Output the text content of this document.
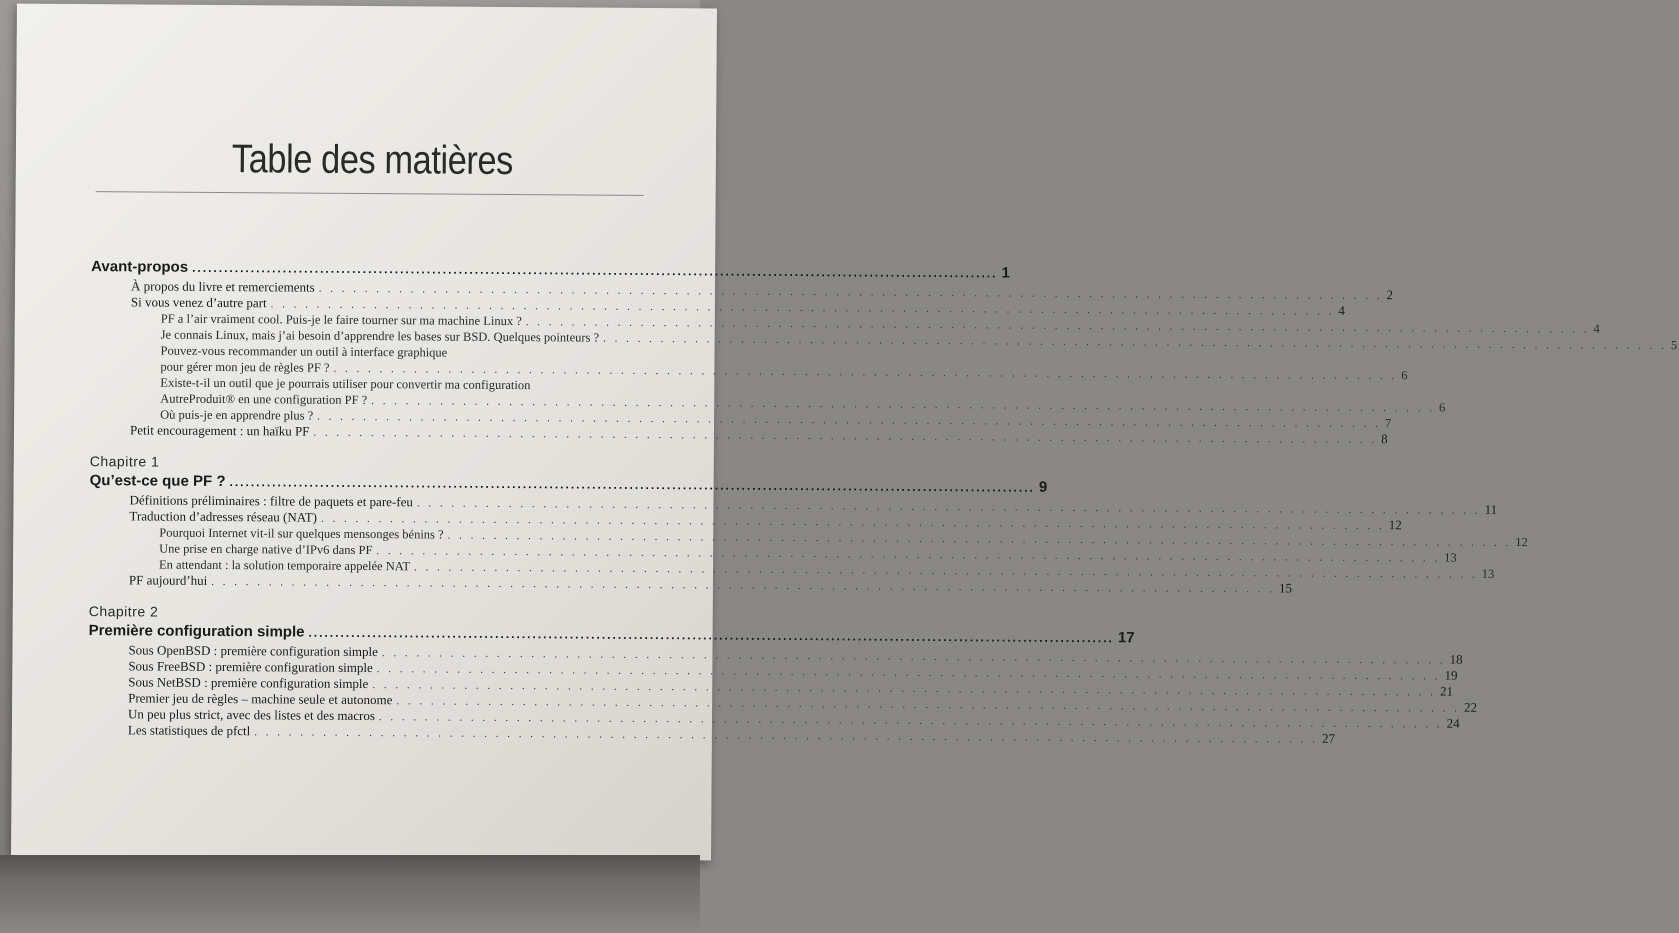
Table des matières
Avant-propos ....................................................................................................................................................... 1
À propos du livre et remerciements . . . . . . . . . . . . . . . . . . . . . . . . . . . . . . . . . . . . . . . . . . . . . . . . . . . . . . . . . . . . . . . . . . . . . . . . . . . . . . . . . . . . . . . . . . . . . 2
Si vous venez d’autre part . . . . . . . . . . . . . . . . . . . . . . . . . . . . . . . . . . . . . . . . . . . . . . . . . . . . . . . . . . . . . . . . . . . . . . . . . . . . . . . . . . . . . . . . . . . . . 4
PF a l’air vraiment cool. Puis-je le faire tourner sur ma machine Linux ? . . . . . . . . . . . . . . . . . . . . . . . . . . . . . . . . . . . . . . . . . . . . . . . . . . . . . . . . . . . . . . . . . . . . . . . . . . . . . . . . . . . . . . . . . . . . . 4
Je connais Linux, mais j’ai besoin d’apprendre les bases sur BSD. Quelques pointeurs ? . . . . . . . . . . . . . . . . . . . . . . . . . . . . . . . . . . . . . . . . . . . . . . . . . . . . . . . . . . . . . . . . . . . . . . . . . . . . . . . . . . . . . . . . . . . . . 5
Pouvez-vous recommander un outil à interface graphique
pour gérer mon jeu de règles PF ? . . . . . . . . . . . . . . . . . . . . . . . . . . . . . . . . . . . . . . . . . . . . . . . . . . . . . . . . . . . . . . . . . . . . . . . . . . . . . . . . . . . . . . . . . . . . . 6
Existe-t-il un outil que je pourrais utiliser pour convertir ma configuration
AutreProduit® en une configuration PF ? . . . . . . . . . . . . . . . . . . . . . . . . . . . . . . . . . . . . . . . . . . . . . . . . . . . . . . . . . . . . . . . . . . . . . . . . . . . . . . . . . . . . . . . . . . . . . 6
Où puis-je en apprendre plus ? . . . . . . . . . . . . . . . . . . . . . . . . . . . . . . . . . . . . . . . . . . . . . . . . . . . . . . . . . . . . . . . . . . . . . . . . . . . . . . . . . . . . . . . . . . . . . 7
Petit encouragement : un haïku PF . . . . . . . . . . . . . . . . . . . . . . . . . . . . . . . . . . . . . . . . . . . . . . . . . . . . . . . . . . . . . . . . . . . . . . . . . . . . . . . . . . . . . . . . . . . . . 8
Chapitre 1
Qu’est-ce que PF ? ....................................................................................................................................................... 9
Définitions préliminaires : filtre de paquets et pare-feu . . . . . . . . . . . . . . . . . . . . . . . . . . . . . . . . . . . . . . . . . . . . . . . . . . . . . . . . . . . . . . . . . . . . . . . . . . . . . . . . . . . . . . . . . . . . . 11
Traduction d’adresses réseau (NAT) . . . . . . . . . . . . . . . . . . . . . . . . . . . . . . . . . . . . . . . . . . . . . . . . . . . . . . . . . . . . . . . . . . . . . . . . . . . . . . . . . . . . . . . . . . . . . 12
Pourquoi Internet vit-il sur quelques mensonges bénins ? . . . . . . . . . . . . . . . . . . . . . . . . . . . . . . . . . . . . . . . . . . . . . . . . . . . . . . . . . . . . . . . . . . . . . . . . . . . . . . . . . . . . . . . . . . . . . 12
Une prise en charge native d’IPv6 dans PF . . . . . . . . . . . . . . . . . . . . . . . . . . . . . . . . . . . . . . . . . . . . . . . . . . . . . . . . . . . . . . . . . . . . . . . . . . . . . . . . . . . . . . . . . . . . . 13
En attendant : la solution temporaire appelée NAT . . . . . . . . . . . . . . . . . . . . . . . . . . . . . . . . . . . . . . . . . . . . . . . . . . . . . . . . . . . . . . . . . . . . . . . . . . . . . . . . . . . . . . . . . . . . . 13
PF aujourd’hui . . . . . . . . . . . . . . . . . . . . . . . . . . . . . . . . . . . . . . . . . . . . . . . . . . . . . . . . . . . . . . . . . . . . . . . . . . . . . . . . . . . . . . . . . . . . . 15
Chapitre 2
Première configuration simple ....................................................................................................................................................... 17
Sous OpenBSD : première configuration simple . . . . . . . . . . . . . . . . . . . . . . . . . . . . . . . . . . . . . . . . . . . . . . . . . . . . . . . . . . . . . . . . . . . . . . . . . . . . . . . . . . . . . . . . . . . . . 18
Sous FreeBSD : première configuration simple . . . . . . . . . . . . . . . . . . . . . . . . . . . . . . . . . . . . . . . . . . . . . . . . . . . . . . . . . . . . . . . . . . . . . . . . . . . . . . . . . . . . . . . . . . . . . 19
Sous NetBSD : première configuration simple . . . . . . . . . . . . . . . . . . . . . . . . . . . . . . . . . . . . . . . . . . . . . . . . . . . . . . . . . . . . . . . . . . . . . . . . . . . . . . . . . . . . . . . . . . . . . 21
Premier jeu de règles – machine seule et autonome . . . . . . . . . . . . . . . . . . . . . . . . . . . . . . . . . . . . . . . . . . . . . . . . . . . . . . . . . . . . . . . . . . . . . . . . . . . . . . . . . . . . . . . . . . . . . 22
Un peu plus strict, avec des listes et des macros . . . . . . . . . . . . . . . . . . . . . . . . . . . . . . . . . . . . . . . . . . . . . . . . . . . . . . . . . . . . . . . . . . . . . . . . . . . . . . . . . . . . . . . . . . . . . 24
Les statistiques de pfctl . . . . . . . . . . . . . . . . . . . . . . . . . . . . . . . . . . . . . . . . . . . . . . . . . . . . . . . . . . . . . . . . . . . . . . . . . . . . . . . . . . . . . . . . . . . . . 27
